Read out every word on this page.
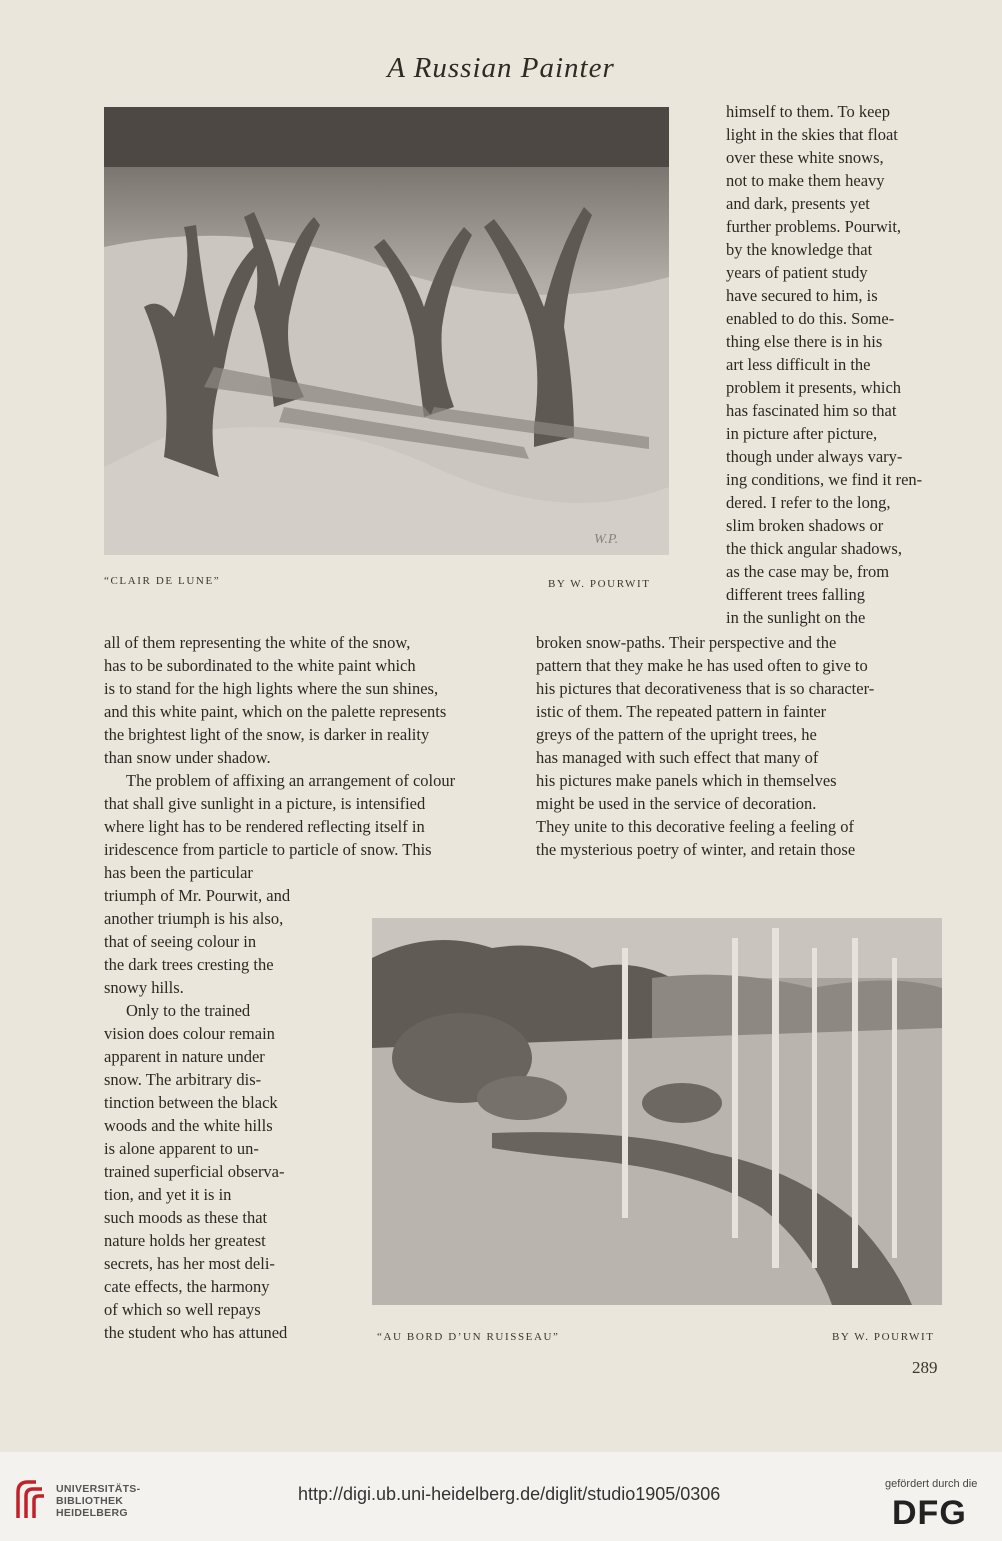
A Russian Painter
W.P.
“CLAIR DE LUNE”	BY W. POURWIT

himself to them. To keep

light in the skies that float

over these white snows,

not to make them heavy

and dark, presents yet

further problems. Pourwit,

by the knowledge that

years of patient study

have secured to him, is

enabled to do this. Some-

thing else there is in his

art less difficult in the

problem it presents, which

has fascinated him so that

in picture after picture,

though under always vary-

ing conditions, we find it ren-

dered. I refer to the long,

slim broken shadows or

the thick angular shadows,

as the case may be, from

different trees falling

in the sunlight on the

all of them representing the white of the snow,

has to be subordinated to the white paint which

is to stand for the high lights where the sun shines,

and this white paint, which on the palette represents

the brightest light of the snow, is darker in reality

than snow under shadow.

The problem of affixing an arrangement of colour

that shall give sunlight in a picture, is intensified

where light has to be rendered reflecting itself in

iridescence from particle to particle of snow. This

broken snow-paths. Their perspective and the

pattern that they make he has used often to give to

his pictures that decorativeness that is so character-

istic of them. The repeated pattern in fainter

greys of the pattern of the upright trees, he

has managed with such effect that many of

his pictures make panels which in themselves

might be used in the service of decoration.

They unite to this decorative feeling a feeling of

the mysterious poetry of winter, and retain those

has been the particular

triumph of Mr. Pourwit, and

another triumph is his also,

that of seeing colour in

the dark trees cresting the

snowy hills.

Only to the trained

vision does colour remain

apparent in nature under

snow. The arbitrary dis-

tinction between the black

woods and the white hills

is alone apparent to un-

trained superficial observa-

tion, and yet it is in

such moods as these that

nature holds her greatest

secrets, has her most deli-

cate effects, the harmony

of which so well repays

the student who has attuned	“AU BORD D’UN RUISSEAU”	BY W. POURWIT
289
UNIVERSITÄTS-
BIBLIOTHEK
HEIDELBERG
http://digi.ub.uni-heidelberg.de/diglit/studio1905/0306	gefördert durch die
DFG
